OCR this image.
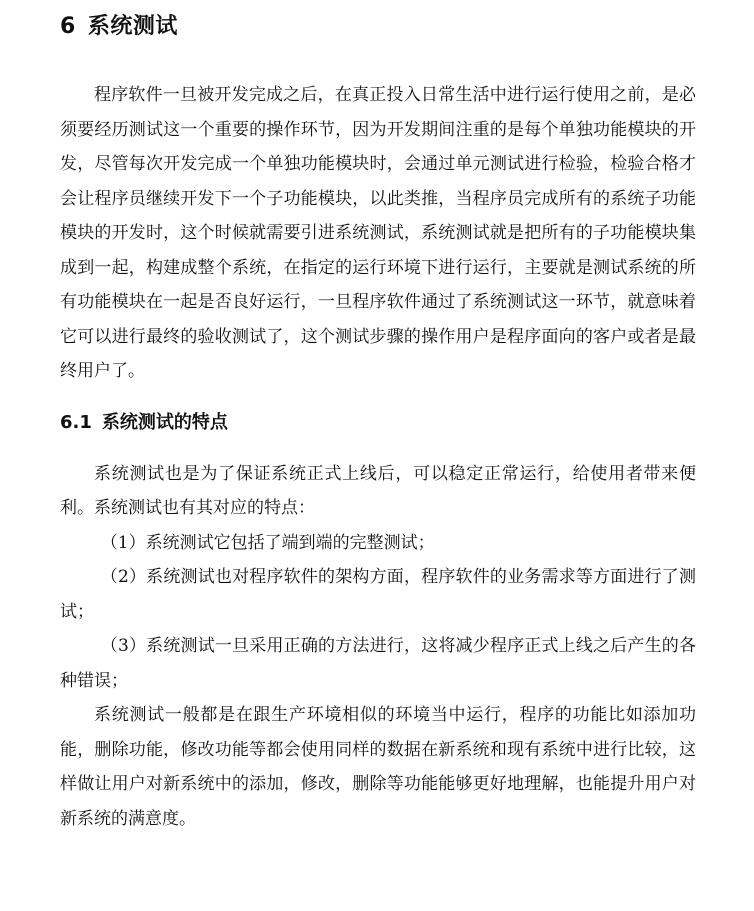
6 系统测试

程序软件一旦被开发完成之后，在真正投入日常生活中进行运行使用之前，是必须要经历测试这一个重要的操作环节，因为开发期间注重的是每个单独功能模块的开发，尽管每次开发完成一个单独功能模块时，会通过单元测试进行检验，检验合格才会让程序员继续开发下一个子功能模块，以此类推，当程序员完成所有的系统子功能模块的开发时，这个时候就需要引进系统测试，系统测试就是把所有的子功能模块集成到一起，构建成整个系统，在指定的运行环境下进行运行，主要就是测试系统的所有功能模块在一起是否良好运行，一旦程序软件通过了系统测试这一环节，就意味着它可以进行最终的验收测试了，这个测试步骤的操作用户是程序面向的客户或者是最终用户了。

6.1 系统测试的特点

系统测试也是为了保证系统正式上线后，可以稳定正常运行，给使用者带来便利。系统测试也有其对应的特点：

（1）系统测试它包括了端到端的完整测试；

（2）系统测试也对程序软件的架构方面，程序软件的业务需求等方面进行了测试；

（3）系统测试一旦采用正确的方法进行，这将减少程序正式上线之后产生的各种错误；

系统测试一般都是在跟生产环境相似的环境当中运行，程序的功能比如添加功能，删除功能，修改功能等都会使用同样的数据在新系统和现有系统中进行比较，这样做让用户对新系统中的添加，修改，删除等功能能够更好地理解，也能提升用户对新系统的满意度。
